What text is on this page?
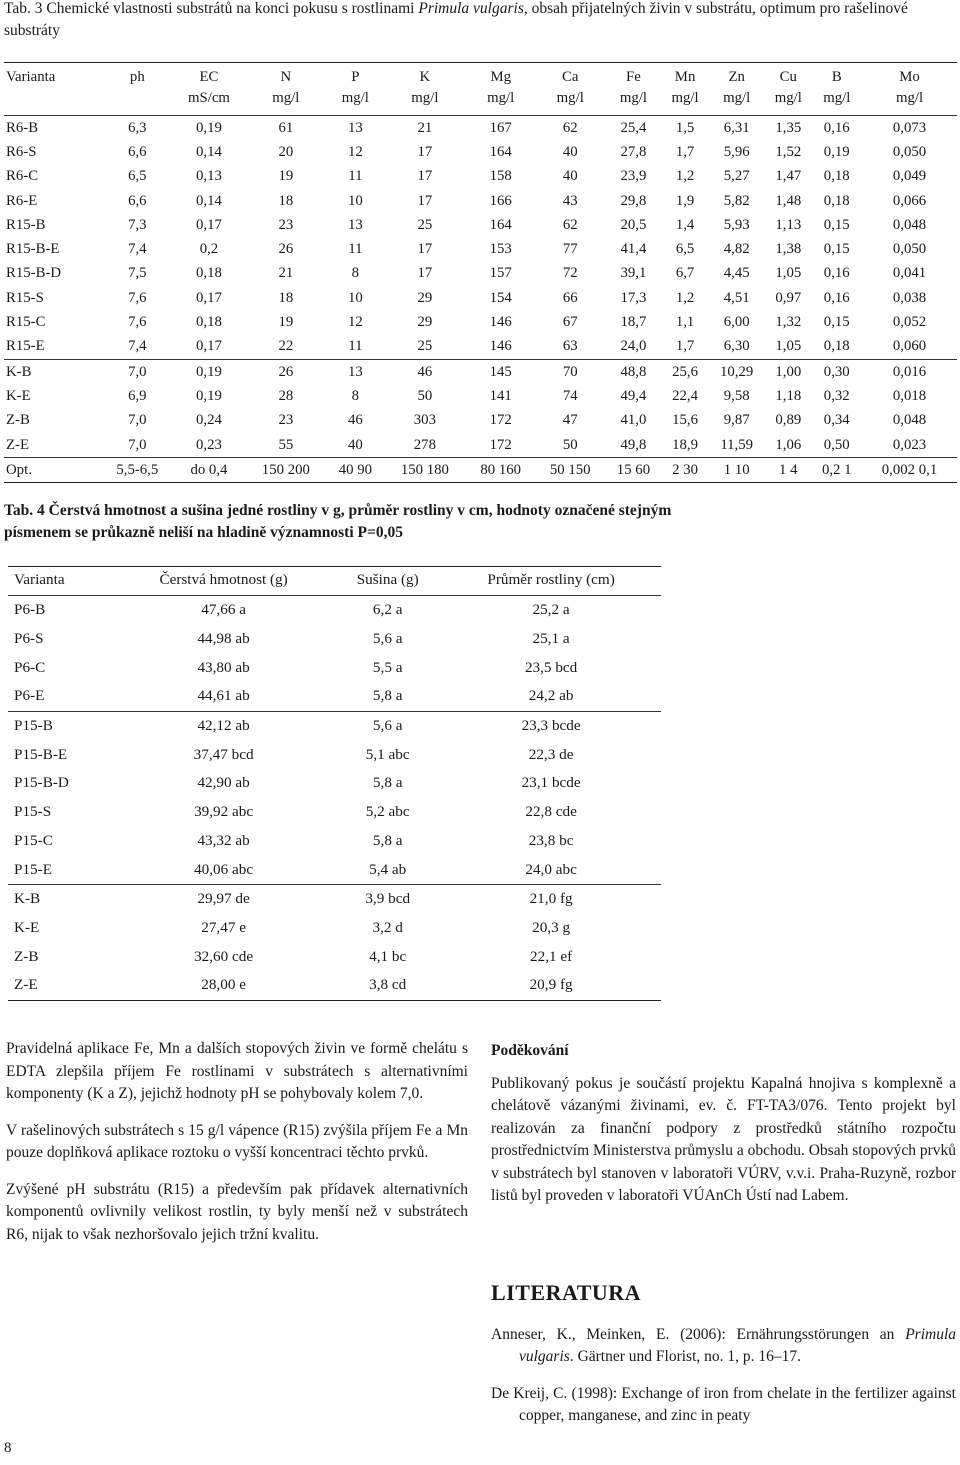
Tab. 3 Chemické vlastnosti substrátů na konci pokusu s rostlinami Primula vulgaris, obsah přijatelných živin v substrátu, optimum pro rašelinové substráty
Varianta	ph	EC	N	P	K	Mg	Ca	Fe	Mn	Zn	Cu	B	Mo
		mS/cm	mg/l	mg/l	mg/l	mg/l	mg/l	mg/l	mg/l	mg/l	mg/l	mg/l	mg/l
R6-B	6,3	0,19	61	13	21	167	62	25,4	1,5	6,31	1,35	0,16	0,073
R6-S	6,6	0,14	20	12	17	164	40	27,8	1,7	5,96	1,52	0,19	0,050
R6-C	6,5	0,13	19	11	17	158	40	23,9	1,2	5,27	1,47	0,18	0,049
R6-E	6,6	0,14	18	10	17	166	43	29,8	1,9	5,82	1,48	0,18	0,066
R15-B	7,3	0,17	23	13	25	164	62	20,5	1,4	5,93	1,13	0,15	0,048
R15-B-E	7,4	0,2	26	11	17	153	77	41,4	6,5	4,82	1,38	0,15	0,050
R15-B-D	7,5	0,18	21	8	17	157	72	39,1	6,7	4,45	1,05	0,16	0,041
R15-S	7,6	0,17	18	10	29	154	66	17,3	1,2	4,51	0,97	0,16	0,038
R15-C	7,6	0,18	19	12	29	146	67	18,7	1,1	6,00	1,32	0,15	0,052
R15-E	7,4	0,17	22	11	25	146	63	24,0	1,7	6,30	1,05	0,18	0,060
K-B	7,0	0,19	26	13	46	145	70	48,8	25,6	10,29	1,00	0,30	0,016
K-E	6,9	0,19	28	8	50	141	74	49,4	22,4	9,58	1,18	0,32	0,018
Z-B	7,0	0,24	23	46	303	172	47	41,0	15,6	9,87	0,89	0,34	0,048
Z-E	7,0	0,23	55	40	278	172	50	49,8	18,9	11,59	1,06	0,50	0,023
Opt.	5,5-6,5	do 0,4	150 200	40 90	150 180	80 160	50 150	15 60	2 30	1 10	1 4	0,2 1	0,002 0,1
Tab. 4 Čerstvá hmotnost a sušina jedné rostliny v g, průměr rostliny v cm, hodnoty označené stejným písmenem se průkazně neliší na hladině významnosti P=0,05
Varianta	Čerstvá hmotnost (g)	Sušina (g)	Průměr rostliny (cm)
P6-B	47,66 a	6,2 a	25,2 a
P6-S	44,98 ab	5,6 a	25,1 a
P6-C	43,80 ab	5,5 a	23,5 bcd
P6-E	44,61 ab	5,8 a	24,2 ab
P15-B	42,12 ab	5,6 a	23,3 bcde
P15-B-E	37,47 bcd	5,1 abc	22,3 de
P15-B-D	42,90 ab	5,8 a	23,1 bcde
P15-S	39,92 abc	5,2 abc	22,8 cde
P15-C	43,32 ab	5,8 a	23,8 bc
P15-E	40,06 abc	5,4 ab	24,0 abc
K-B	29,97 de	3,9 bcd	21,0 fg
K-E	27,47 e	3,2 d	20,3 g
Z-B	32,60 cde	4,1 bc	22,1 ef
Z-E	28,00 e	3,8 cd	20,9 fg

Pravidelná aplikace Fe, Mn a dalších stopových živin ve formě chelátu s EDTA zlepšila příjem Fe rostlinami v substrátech s alternativními komponenty (K a Z), jejichž hodnoty pH se pohybovaly kolem 7,0.

V rašelinových substrátech s 15 g/l vápence (R15) zvýšila příjem Fe a Mn pouze doplňková aplikace roztoku o vyšší koncentraci těchto prvků.

Zvýšené pH substrátu (R15) a především pak přídavek alternativních komponentů ovlivnily velikost rostlin, ty byly menší než v substrátech R6, nijak to však nezhoršovalo jejich tržní kvalitu.

Poděkování

Publikovaný pokus je součástí projektu Kapalná hnojiva s komplexně a chelátově vázanými živinami, ev. č. FT-TA3/076. Tento projekt byl realizován za finanční podpory z prostředků státního rozpočtu prostřednictvím Ministerstva průmyslu a obchodu. Obsah stopových prvků v substrátech byl stanoven v laboratoři VÚRV, v.v.i. Praha-Ruzyně, rozbor listů byl proveden v laboratoři VÚAnCh Ústí nad Labem.

LITERATURA

Anneser, K., Meinken, E. (2006): Ernährungsstörungen an Primula vulgaris. Gärtner und Florist, no. 1, p. 16–17.

De Kreij, C. (1998): Exchange of iron from chelate in the fertilizer against copper, manganese, and zinc in peaty

8
